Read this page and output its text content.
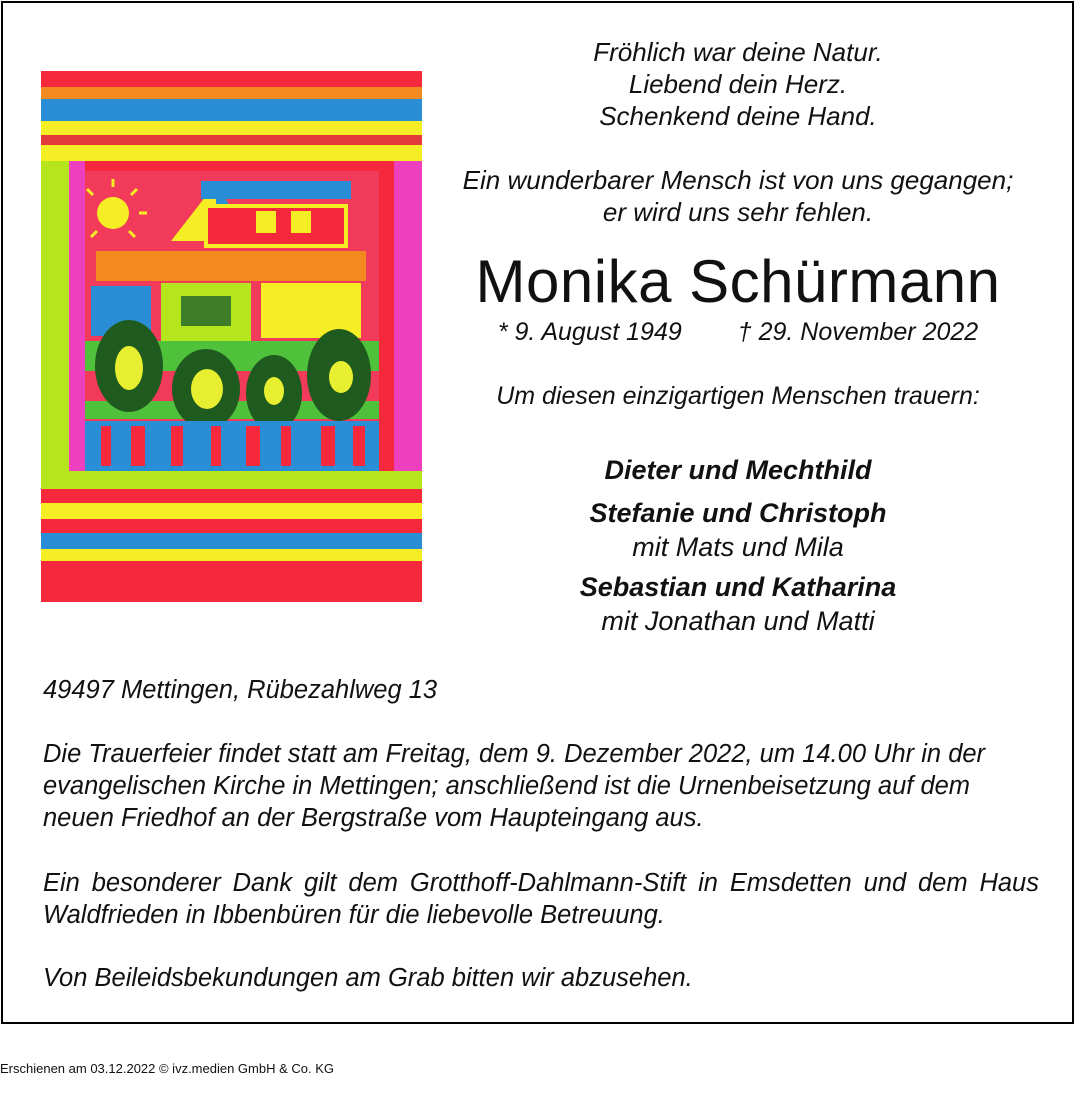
Fröhlich war deine Natur.
Liebend dein Herz.
Schenkend deine Hand.
Ein wunderbarer Mensch ist von uns gegangen;
er wird uns sehr fehlen.
Monika Schürmann
* 9. August 1949 † 29. November 2022
Um diesen einzigartigen Menschen trauern:
Dieter und Mechthild
Stefanie und Christoph
mit Mats und Mila
Sebastian und Katharina
mit Jonathan und Matti
49497 Mettingen, Rübezahlweg 13
Die Trauerfeier findet statt am Freitag, dem 9. Dezember 2022, um 14.00 Uhr in der evangelischen Kirche in Mettingen; anschließend ist die Urnenbeisetzung auf dem neuen Friedhof an der Bergstraße vom Haupteingang aus.
Ein besonderer Dank gilt dem Grotthoff-Dahlmann-Stift in Emsdetten und dem Haus Waldfrieden in Ibbenbüren für die liebevolle Betreuung.
Von Beileidsbekundungen am Grab bitten wir abzusehen.
Erschienen am 03.12.2022 © ivz.medien GmbH & Co. KG
